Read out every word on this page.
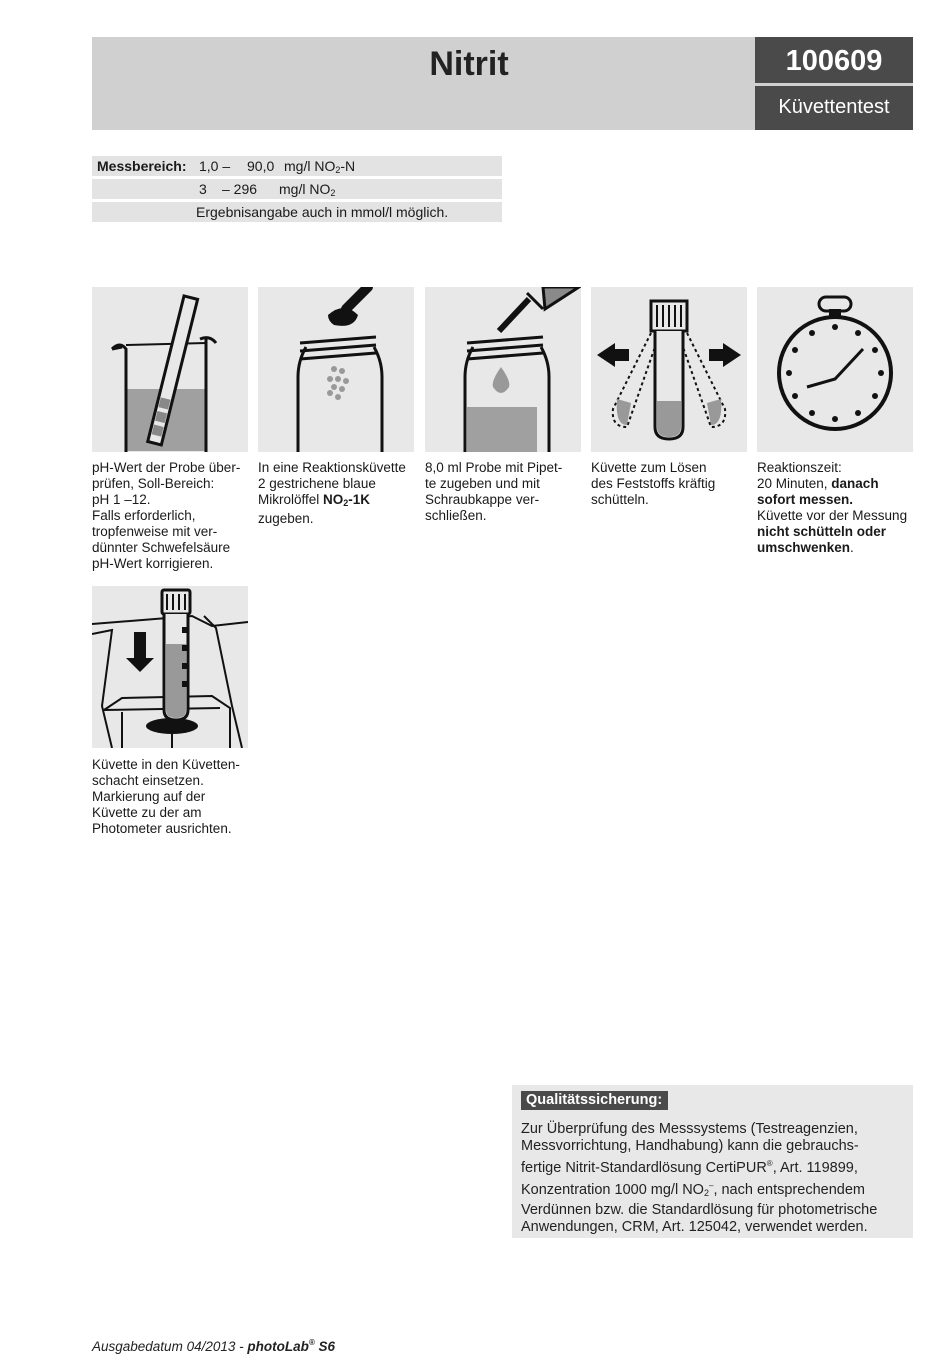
Nitrit	100609
Küvettentest
Messbereich: 1,0 – 90,0 mg/l $NO_2-N$
3 – 296 mg/l $NO_2$
Ergebnisangabe auch in mmol/l möglich.
pH-Wert der Probe über-
prüfen, Soll-Bereich:
pH 1 –12.
Falls erforderlich,
tropfenweise mit ver-
dünnter Schwefelsäure
pH-Wert korrigieren.
In eine Reaktionsküvette
2 gestrichene blaue
Mikrolöffel $NO_2-1K$
zugeben.
8,0 ml Probe mit Pipet-
te zugeben und mit
Schraubkappe ver-
schließen.
Küvette zum Lösen
des Feststoffs kräftig
schütteln.
Reaktionszeit:
20 Minuten, danach
sofort messen.
Küvette vor der Messung
nicht schütteln oder
umschwenken.
Küvette in den Küvetten-
schacht einsetzen.
Markierung auf der
Küvette zu der am
Photometer ausrichten.
Qualitätssicherung:
Zur Überprüfung des Messsystems (Testreagenzien,
Messvorrichtung, Handhabung) kann die gebrauchs-
fertige Nitrit-Standardlösung CertiPUR®, Art. 119899,
Konzentration 1000 mg/l $NO_2^-$, nach entsprechendem
Verdünnen bzw. die Standardlösung für photometrische
Anwendungen, CRM, Art. 125042, verwendet werden.
Ausgabedatum 04/2013 - photoLab® S6
